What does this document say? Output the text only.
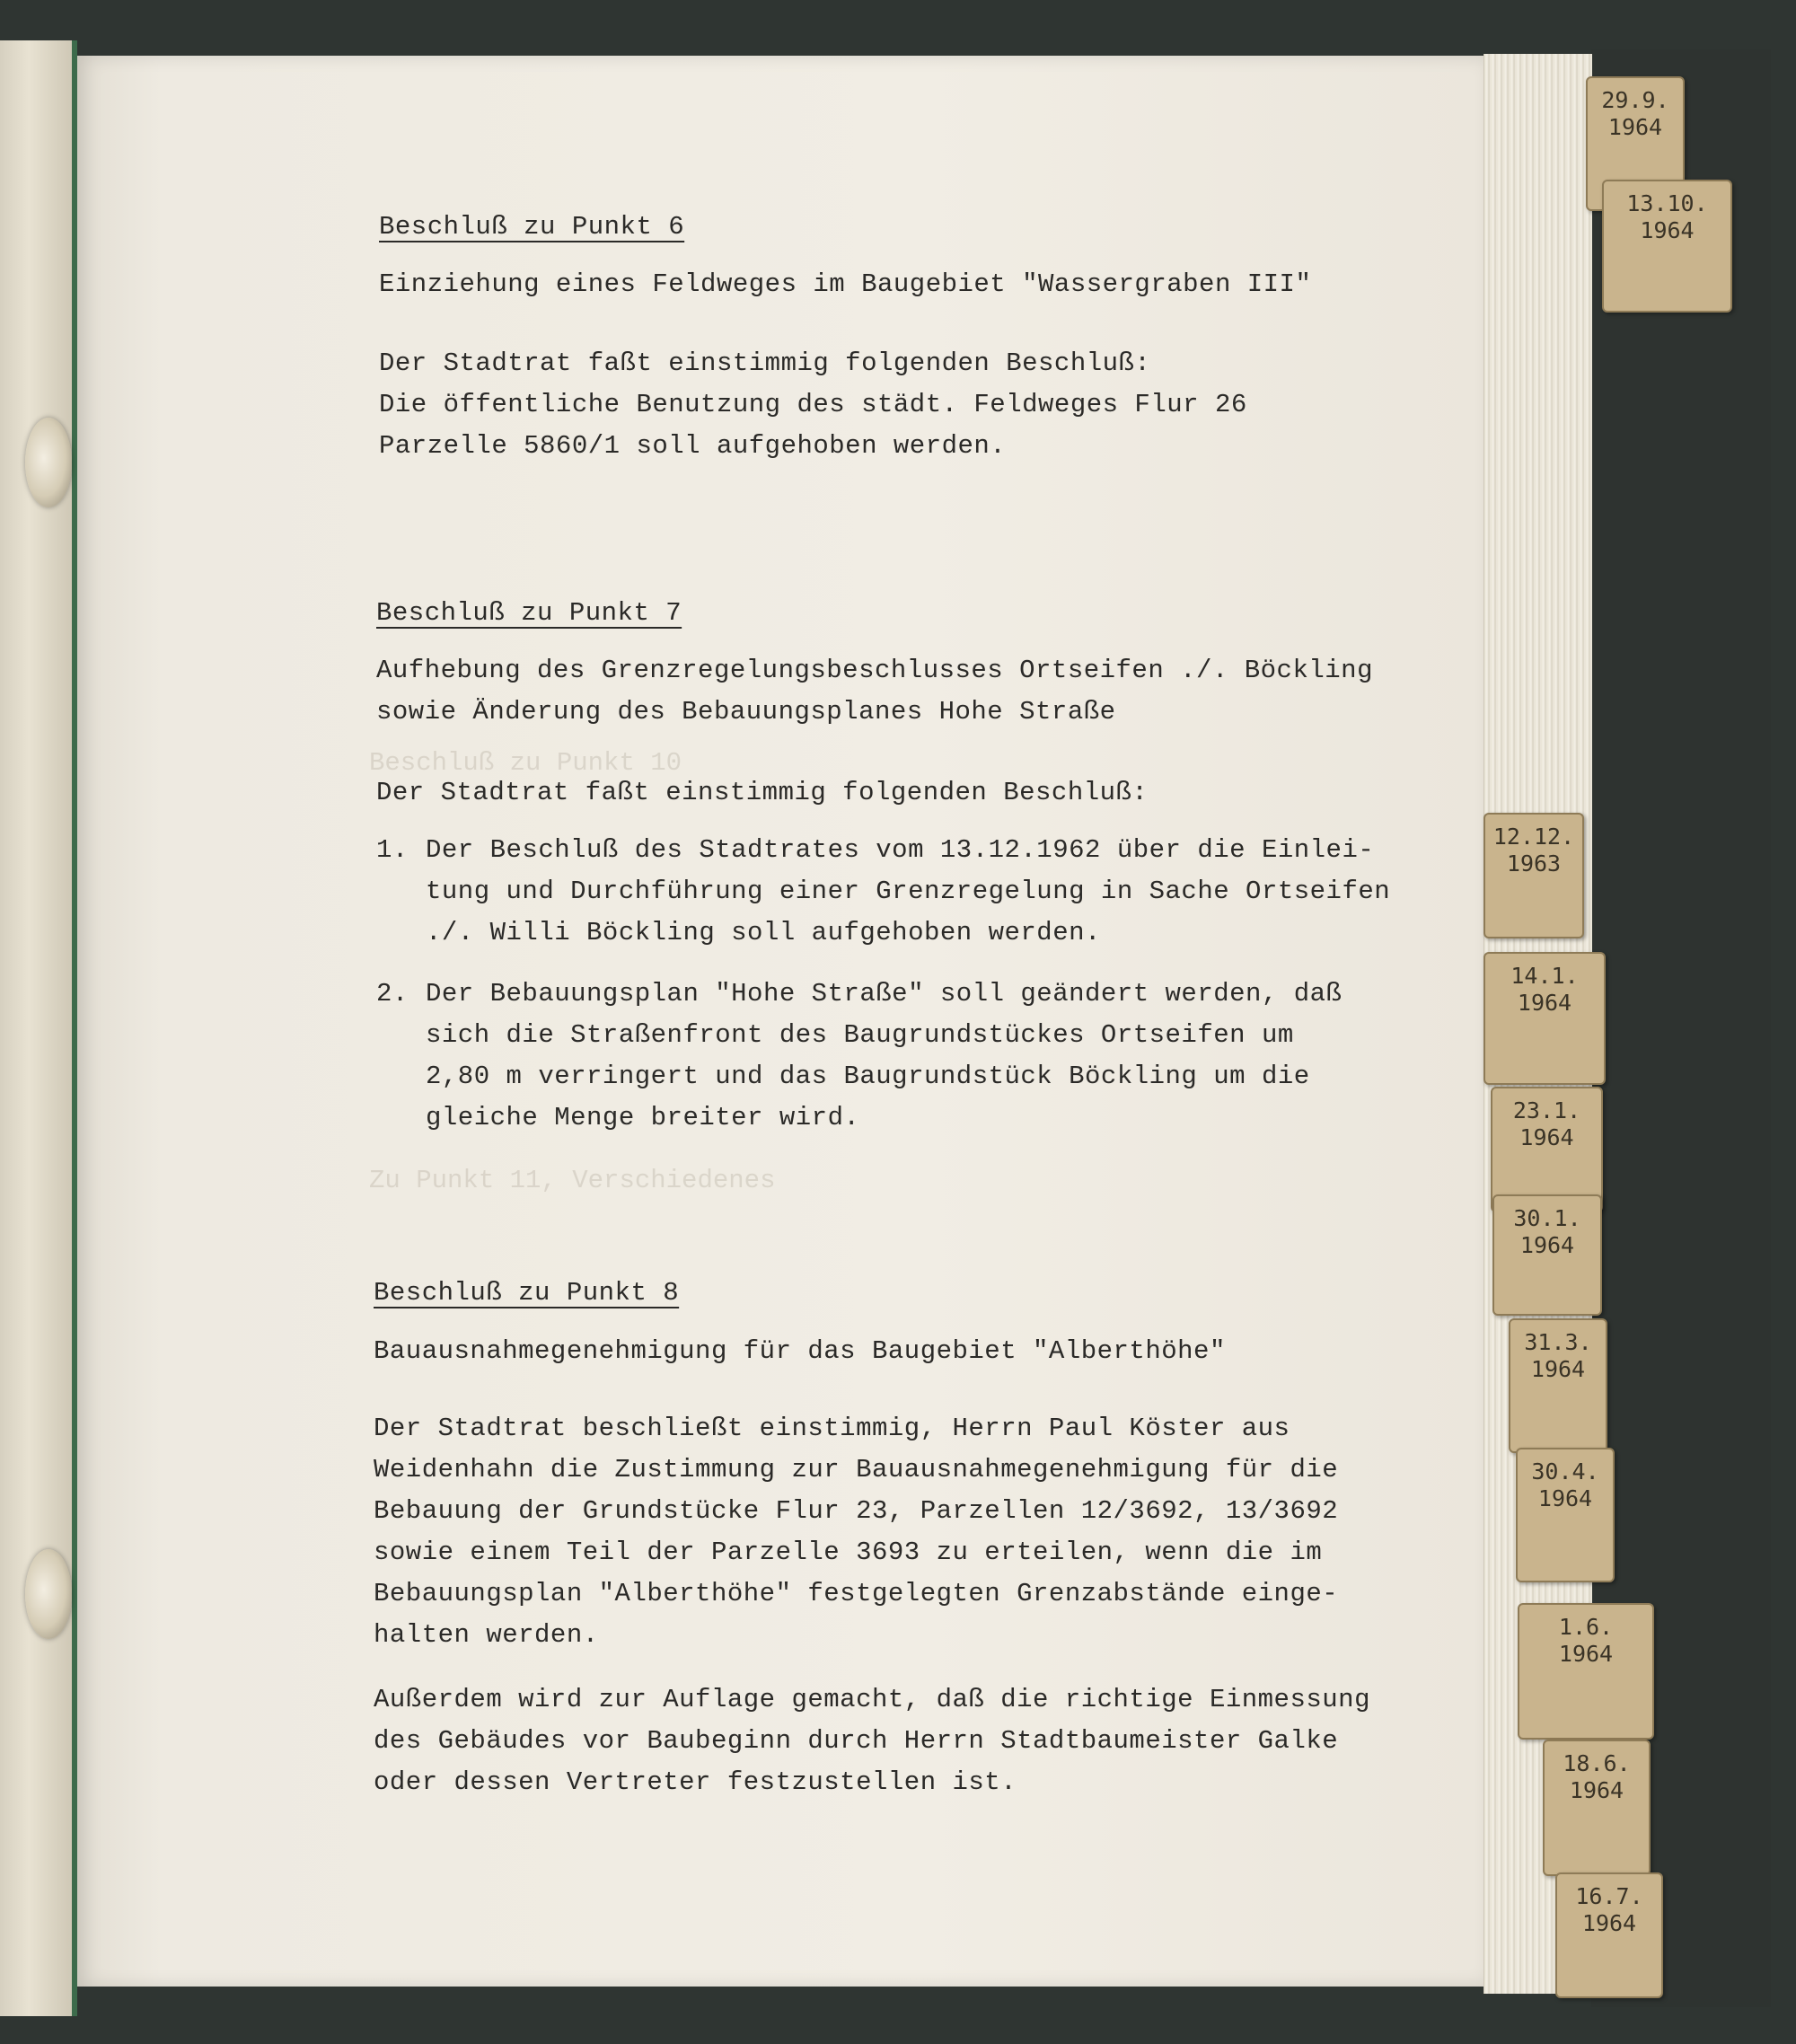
Beschluß zu Punkt 10
Zu Punkt 11, Verschiedenes
Beschluß zu Punkt 6
Einziehung eines Feldweges im Baugebiet "Wassergraben III"
Der Stadtrat faßt einstimmig folgenden Beschluß:
Die öffentliche Benutzung des städt. Feldweges Flur 26
Parzelle 5860/1 soll aufgehoben werden.
Beschluß zu Punkt 7
Aufhebung des Grenzregelungsbeschlusses Ortseifen ./. Böckling
sowie Änderung des Bebauungsplanes Hohe Straße
Der Stadtrat faßt einstimmig folgenden Beschluß:
1. Der Beschluß des Stadtrates vom 13.12.1962 über die Einlei-
tung und Durchführung einer Grenzregelung in Sache Ortseifen
./. Willi Böckling soll aufgehoben werden.
2. Der Bebauungsplan "Hohe Straße" soll geändert werden, daß
sich die Straßenfront des Baugrundstückes Ortseifen um
2,80 m verringert und das Baugrundstück Böckling um die
gleiche Menge breiter wird.
Beschluß zu Punkt 8
Bauausnahmegenehmigung für das Baugebiet "Alberthöhe"
Der Stadtrat beschließt einstimmig, Herrn Paul Köster aus
Weidenhahn die Zustimmung zur Bauausnahmegenehmigung für die
Bebauung der Grundstücke Flur 23, Parzellen 12/3692, 13/3692
sowie einem Teil der Parzelle 3693 zu erteilen, wenn die im
Bebauungsplan "Alberthöhe" festgelegten Grenzabstände einge-
halten werden.
Außerdem wird zur Auflage gemacht, daß die richtige Einmessung
des Gebäudes vor Baubeginn durch Herrn Stadtbaumeister Galke
oder dessen Vertreter festzustellen ist.
29.9.
1964
13.10.
1964
12.12.
1963
14.1.
1964
23.1.
1964
30.1.
1964
31.3.
1964
30.4.
1964
1.6.
1964
18.6.
1964
16.7.
1964
